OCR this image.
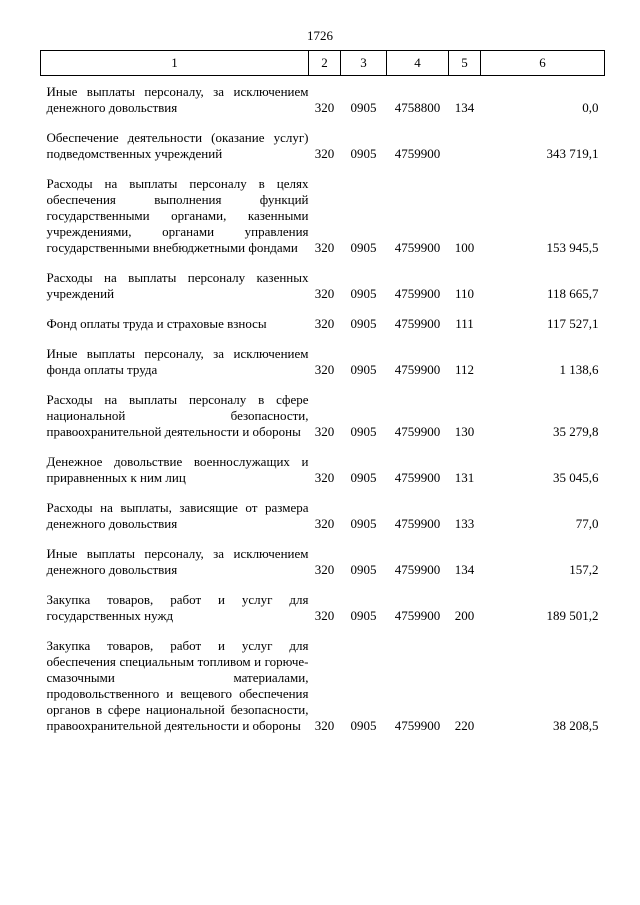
1726
1	2	3	4	5	6
Иные выплаты персоналу, за исключением денежного довольствия	320	0905	4758800	134	0,0
Обеспечение деятельности (оказание услуг) подведомственных учреждений	320	0905	4759900		343 719,1
Расходы на выплаты персоналу в целях обеспечения выполнения функций государственными органами, казенными учреждениями, органами управления государственными внебюджетными фондами	320	0905	4759900	100	153 945,5
Расходы на выплаты персоналу казенных учреждений	320	0905	4759900	110	118 665,7
Фонд оплаты труда и страховые взносы	320	0905	4759900	111	117 527,1
Иные выплаты персоналу, за исключением фонда оплаты труда	320	0905	4759900	112	1 138,6
Расходы на выплаты персоналу в сфере национальной безопасности, правоохранительной деятельности и обороны	320	0905	4759900	130	35 279,8
Денежное довольствие военнослужащих и приравненных к ним лиц	320	0905	4759900	131	35 045,6
Расходы на выплаты, зависящие от размера денежного довольствия	320	0905	4759900	133	77,0
Иные выплаты персоналу, за исключением денежного довольствия	320	0905	4759900	134	157,2
Закупка товаров, работ и услуг для государственных нужд	320	0905	4759900	200	189 501,2
Закупка товаров, работ и услуг для обеспечения специальным топливом и горюче-смазочными материалами, продовольственного и вещевого обеспечения органов в сфере национальной безопасности, правоохранительной деятельности и обороны	320	0905	4759900	220	38 208,5
